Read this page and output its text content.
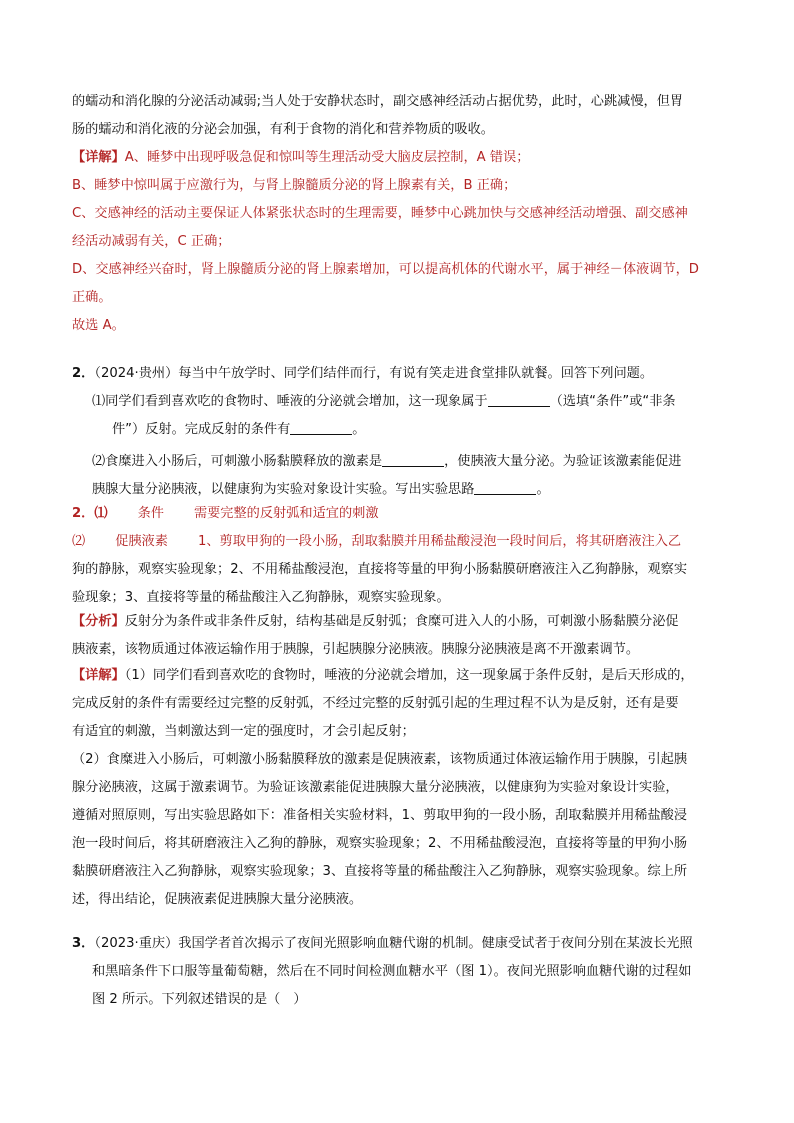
的蠕动和消化腺的分泌活动减弱;当人处于安静状态时，副交感神经活动占据优势，此时，心跳减慢，但胃

肠的蠕动和消化液的分泌会加强，有利于食物的消化和营养物质的吸收。

【详解】A、睡梦中出现呼吸急促和惊叫等生理活动受大脑皮层控制，A 错误；

B、睡梦中惊叫属于应激行为，与肾上腺髓质分泌的肾上腺素有关，B 正确；

C、交感神经的活动主要保证人体紧张状态时的生理需要，睡梦中心跳加快与交感神经活动增强、副交感神

经活动减弱有关，C 正确；

D、交感神经兴奋时，肾上腺髓质分泌的肾上腺素增加，可以提高机体的代谢水平，属于神经－体液调节，D

正确。

故选 A。

2．（2024·贵州）每当中午放学时、同学们结伴而行，有说有笑走进食堂排队就餐。回答下列问题。

⑴同学们看到喜欢吃的食物时、唾液的分泌就会增加，这一现象属于	（选填“条件”或“非条

件”）反射。完成反射的条件有	。

⑵食糜进入小肠后，可刺激小肠黏膜释放的激素是	，使胰液大量分泌。为验证该激素能促进

胰腺大量分泌胰液，以健康狗为实验对象设计实验。写出实验思路	。

2．⑴ 条件 需要完整的反射弧和适宜的刺激

⑵ 促胰液素 1、剪取甲狗的一段小肠，刮取黏膜并用稀盐酸浸泡一段时间后，将其研磨液注入乙

狗的静脉，观察实验现象；2、不用稀盐酸浸泡，直接将等量的甲狗小肠黏膜研磨液注入乙狗静脉，观察实

验现象；3、直接将等量的稀盐酸注入乙狗静脉，观察实验现象。

【分析】反射分为条件或非条件反射，结构基础是反射弧；食糜可进入人的小肠，可刺激小肠黏膜分泌促

胰液素，该物质通过体液运输作用于胰腺，引起胰腺分泌胰液。胰腺分泌胰液是离不开激素调节。

【详解】（1）同学们看到喜欢吃的食物时，唾液的分泌就会增加，这一现象属于条件反射，是后天形成的，

完成反射的条件有需要经过完整的反射弧，不经过完整的反射弧引起的生理过程不认为是反射，还有是要

有适宜的刺激，当刺激达到一定的强度时，才会引起反射；

（2）食糜进入小肠后，可刺激小肠黏膜释放的激素是促胰液素，该物质通过体液运输作用于胰腺，引起胰

腺分泌胰液，这属于激素调节。为验证该激素能促进胰腺大量分泌胰液，以健康狗为实验对象设计实验，

遵循对照原则，写出实验思路如下：准备相关实验材料，1、剪取甲狗的一段小肠，刮取黏膜并用稀盐酸浸

泡一段时间后，将其研磨液注入乙狗的静脉，观察实验现象；2、不用稀盐酸浸泡，直接将等量的甲狗小肠

黏膜研磨液注入乙狗静脉，观察实验现象；3、直接将等量的稀盐酸注入乙狗静脉，观察实验现象。综上所

述，得出结论，促胰液素促进胰腺大量分泌胰液。

3．（2023·重庆）我国学者首次揭示了夜间光照影响血糖代谢的机制。健康受试者于夜间分别在某波长光照

和黑暗条件下口服等量葡萄糖，然后在不同时间检测血糖水平（图 1）。夜间光照影响血糖代谢的过程如

图 2 所示。下列叙述错误的是（　）
